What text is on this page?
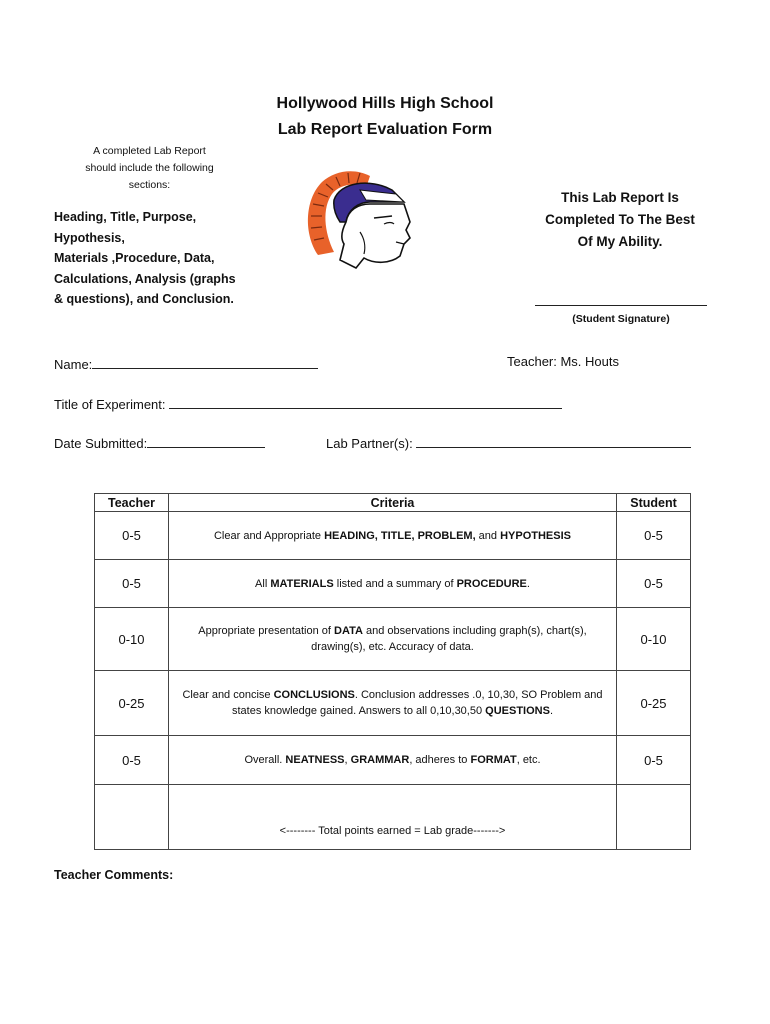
Hollywood Hills High School
Lab Report Evaluation Form
A completed Lab Report
should include the following
sections:
Heading, Title, Purpose,
Hypothesis,
Materials ,Procedure, Data,
Calculations, Analysis (graphs
& questions), and Conclusion.
This Lab Report Is
Completed To The Best
Of My Ability.
(Student Signature)
Name:	Teacher: Ms. Houts
Title of Experiment:
Date Submitted:	Lab Partner(s):
Teacher	Criteria	Student
0-5	Clear and Appropriate HEADING, TITLE, PROBLEM, and HYPOTHESIS	0-5
0-5	All MATERIALS listed and a summary of PROCEDURE.	0-5
0-10	Appropriate presentation of DATA and observations including graph(s), chart(s),
drawing(s), etc. Accuracy of data.	0-10
0-25	Clear and concise CONCLUSIONS. Conclusion addresses .0, 10,30, SO Problem and
states knowledge gained. Answers to all 0,10,30,50 QUESTIONS.	0-25
0-5	Overall. NEATNESS, GRAMMAR, adheres to FORMAT, etc.	0-5
	<-------- Total points earned = Lab grade------->	
Teacher Comments:
